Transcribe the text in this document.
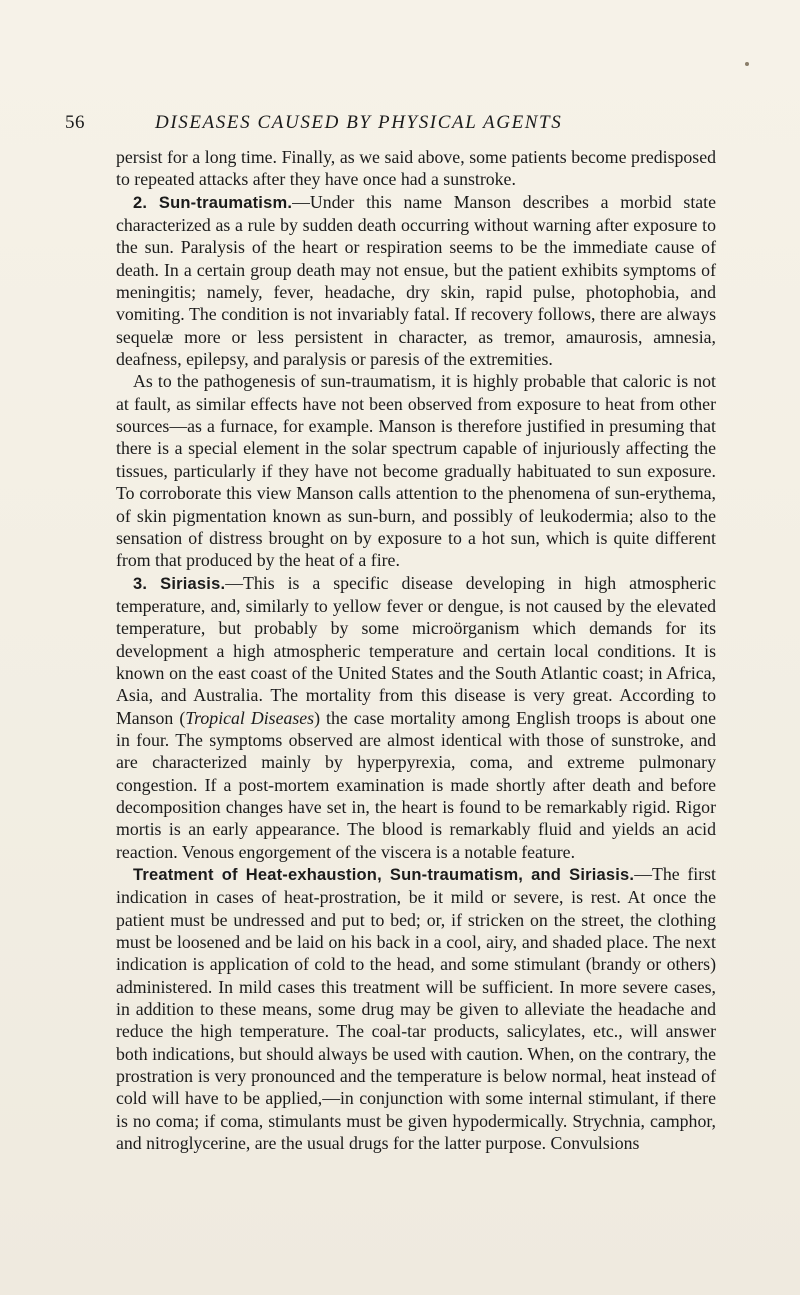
56	DISEASES CAUSED BY PHYSICAL AGENTS

persist for a long time. Finally, as we said above, some patients become predisposed to repeated attacks after they have once had a sunstroke.

2. Sun-traumatism.—Under this name Manson describes a morbid state characterized as a rule by sudden death occurring without warning after exposure to the sun. Paralysis of the heart or respiration seems to be the immediate cause of death. In a certain group death may not ensue, but the patient exhibits symptoms of meningitis; namely, fever, headache, dry skin, rapid pulse, photophobia, and vomiting. The condition is not invariably fatal. If recovery follows, there are always sequelæ more or less persistent in character, as tremor, amaurosis, amnesia, deafness, epilepsy, and paralysis or paresis of the extremities.

As to the pathogenesis of sun-traumatism, it is highly probable that caloric is not at fault, as similar effects have not been observed from exposure to heat from other sources—as a furnace, for example. Manson is therefore justified in presuming that there is a special element in the solar spectrum capable of injuriously affecting the tissues, particularly if they have not become gradually habituated to sun exposure. To corroborate this view Manson calls attention to the phenomena of sun-erythema, of skin pigmentation known as sun-burn, and possibly of leukodermia; also to the sensation of distress brought on by exposure to a hot sun, which is quite different from that produced by the heat of a fire.

3. Siriasis.—This is a specific disease developing in high atmospheric temperature, and, similarly to yellow fever or dengue, is not caused by the elevated temperature, but probably by some microörganism which demands for its development a high atmospheric temperature and certain local conditions. It is known on the east coast of the United States and the South Atlantic coast; in Africa, Asia, and Australia. The mortality from this disease is very great. According to Manson (Tropical Diseases) the case mortality among English troops is about one in four. The symptoms observed are almost identical with those of sunstroke, and are characterized mainly by hyperpyrexia, coma, and extreme pulmonary congestion. If a post-mortem examination is made shortly after death and before decomposition changes have set in, the heart is found to be remarkably rigid. Rigor mortis is an early appearance. The blood is remarkably fluid and yields an acid reaction. Venous engorgement of the viscera is a notable feature.

Treatment of Heat-exhaustion, Sun-traumatism, and Siriasis.—The first indication in cases of heat-prostration, be it mild or severe, is rest. At once the patient must be undressed and put to bed; or, if stricken on the street, the clothing must be loosened and be laid on his back in a cool, airy, and shaded place. The next indication is application of cold to the head, and some stimulant (brandy or others) administered. In mild cases this treatment will be sufficient. In more severe cases, in addition to these means, some drug may be given to alleviate the headache and reduce the high temperature. The coal-tar products, salicylates, etc., will answer both indications, but should always be used with caution. When, on the contrary, the prostration is very pronounced and the temperature is below normal, heat instead of cold will have to be applied,—in conjunction with some internal stimulant, if there is no coma; if coma, stimulants must be given hypodermically. Strychnia, camphor, and nitroglycerine, are the usual drugs for the latter purpose. Convulsions
